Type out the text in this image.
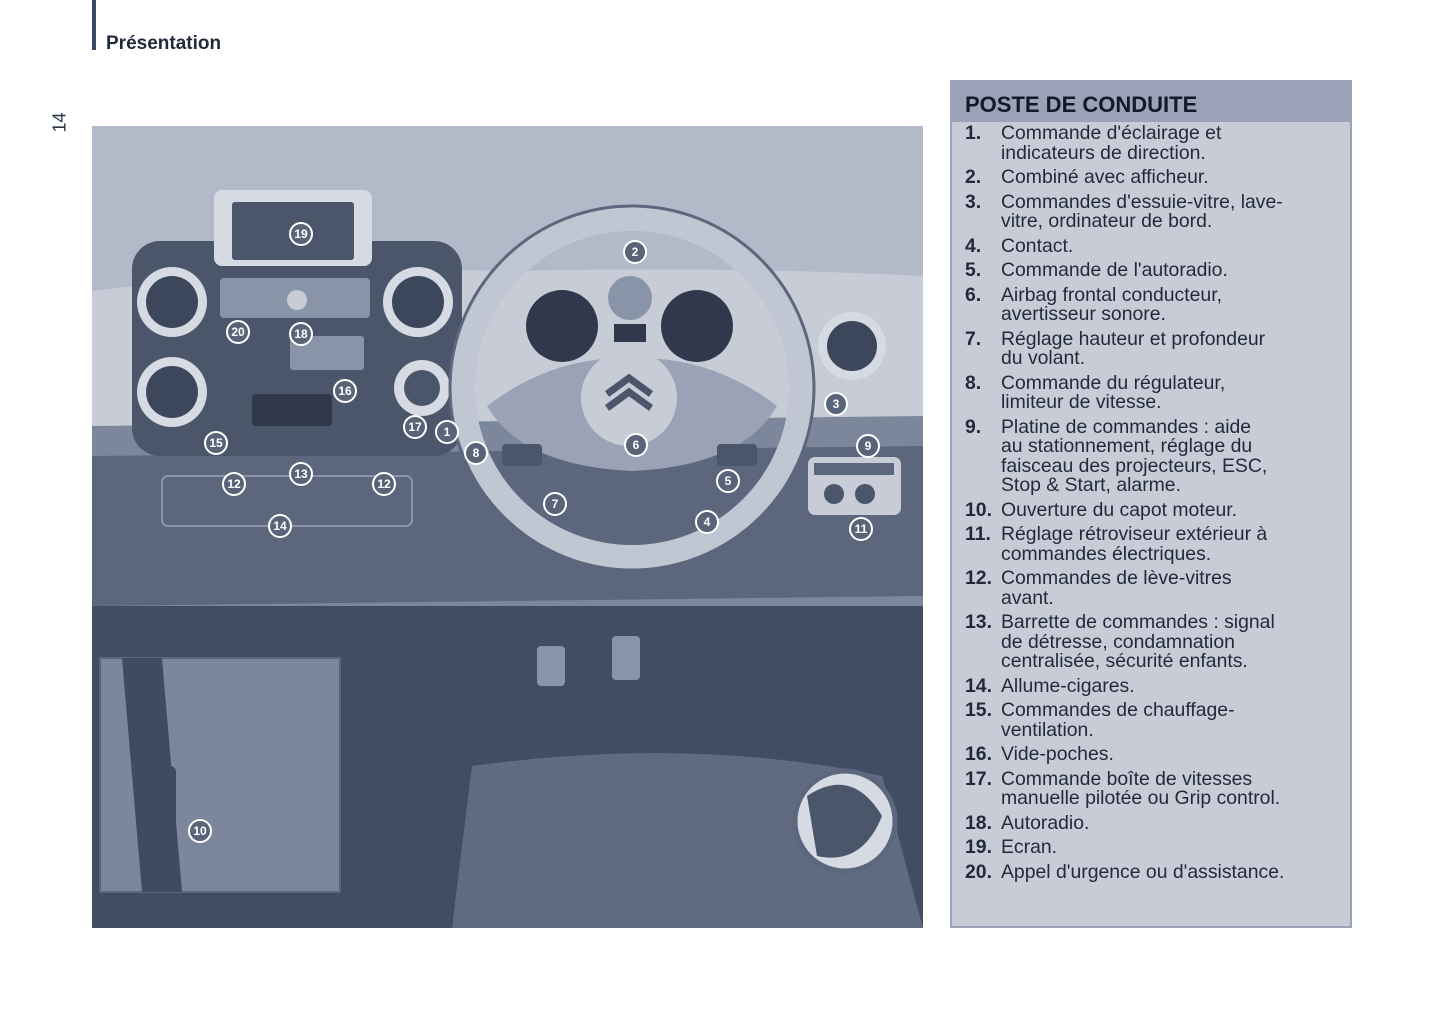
Présentation
14
19
2
20	18
16
17 1
15
3
6	9
8
13
12	12	5
7
14	4	11
10
POSTE DE CONDUITE
1.	Commande d'éclairage et
indicateurs de direction.
2.	Combiné avec afficheur.
3.	Commandes d'essuie-vitre, lave-
vitre, ordinateur de bord.
4.	Contact.
5.	Commande de l'autoradio.
6.	Airbag frontal conducteur,
avertisseur sonore.
7.	Réglage hauteur et profondeur
du volant.
8.	Commande du régulateur,
limiteur de vitesse.
9.	Platine de commandes : aide
au stationnement, réglage du
faisceau des projecteurs, ESC,
Stop & Start, alarme.
10. Ouverture du capot moteur.
11. Réglage rétroviseur extérieur à
commandes électriques.
12. Commandes de lève-vitres
avant.
13. Barrette de commandes : signal
de détresse, condamnation
centralisée, sécurité enfants.
14. Allume-cigares.
15. Commandes de chauffage-
ventilation.
16. Vide-poches.
17. Commande boîte de vitesses
manuelle pilotée ou Grip control.
18. Autoradio.
19. Ecran.
20. Appel d'urgence ou d'assistance.
